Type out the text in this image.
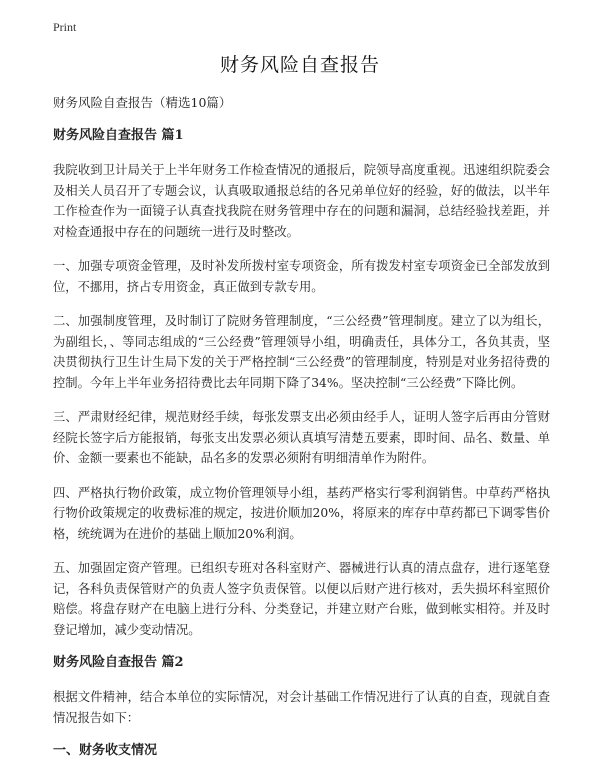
Print
财务风险自查报告
财务风险自查报告（精选10篇）
财务风险自查报告 篇1

我院收到卫计局关于上半年财务工作检查情况的通报后，院领导高度重视。迅速组织院委会及相关人员召开了专题会议，认真吸取通报总结的各兄弟单位好的经验，好的做法，以半年工作检查作为一面镜子认真查找我院在财务管理中存在的问题和漏洞，总结经验找差距，并对检查通报中存在的问题统一进行及时整改。

一、加强专项资金管理，及时补发所拨村室专项资金，所有拨发村室专项资金已全部发放到位，不挪用，挤占专用资金，真正做到专款专用。

二、加强制度管理，及时制订了院财务管理制度，“三公经费”管理制度。建立了以为组长，为副组长，、等同志组成的“三公经费”管理领导小组，明确责任，具体分工，各负其责，坚决贯彻执行卫生计生局下发的关于严格控制“三公经费”的管理制度，特别是对业务招待费的控制。今年上半年业务招待费比去年同期下降了34%。坚决控制“三公经费”下降比例。

三、严肃财经纪律，规范财经手续，每张发票支出必须由经手人，证明人签字后再由分管财经院长签字后方能报销，每张支出发票必须认真填写清楚五要素，即时间、品名、数量、单价、金额一要素也不能缺，品名多的发票必须附有明细清单作为附件。

四、严格执行物价政策，成立物价管理领导小组，基药严格实行零利润销售。中草药严格执行物价政策规定的收费标准的规定，按进价顺加20%，将原来的库存中草药都已下调零售价格，统统调为在进价的基础上顺加20%利润。

五、加强固定资产管理。已组织专班对各科室财产、器械进行认真的清点盘存，进行逐笔登记，各科负责保管财产的负责人签字负责保管。以便以后财产进行核对，丢失损坏科室照价赔偿。将盘存财产在电脑上进行分科、分类登记，并建立财产台账，做到帐实相符。并及时登记增加，减少变动情况。

财务风险自查报告 篇2

根据文件精神，结合本单位的实际情况，对会计基础工作情况进行了认真的自查，现就自查情况报告如下：

一、财务收支情况
